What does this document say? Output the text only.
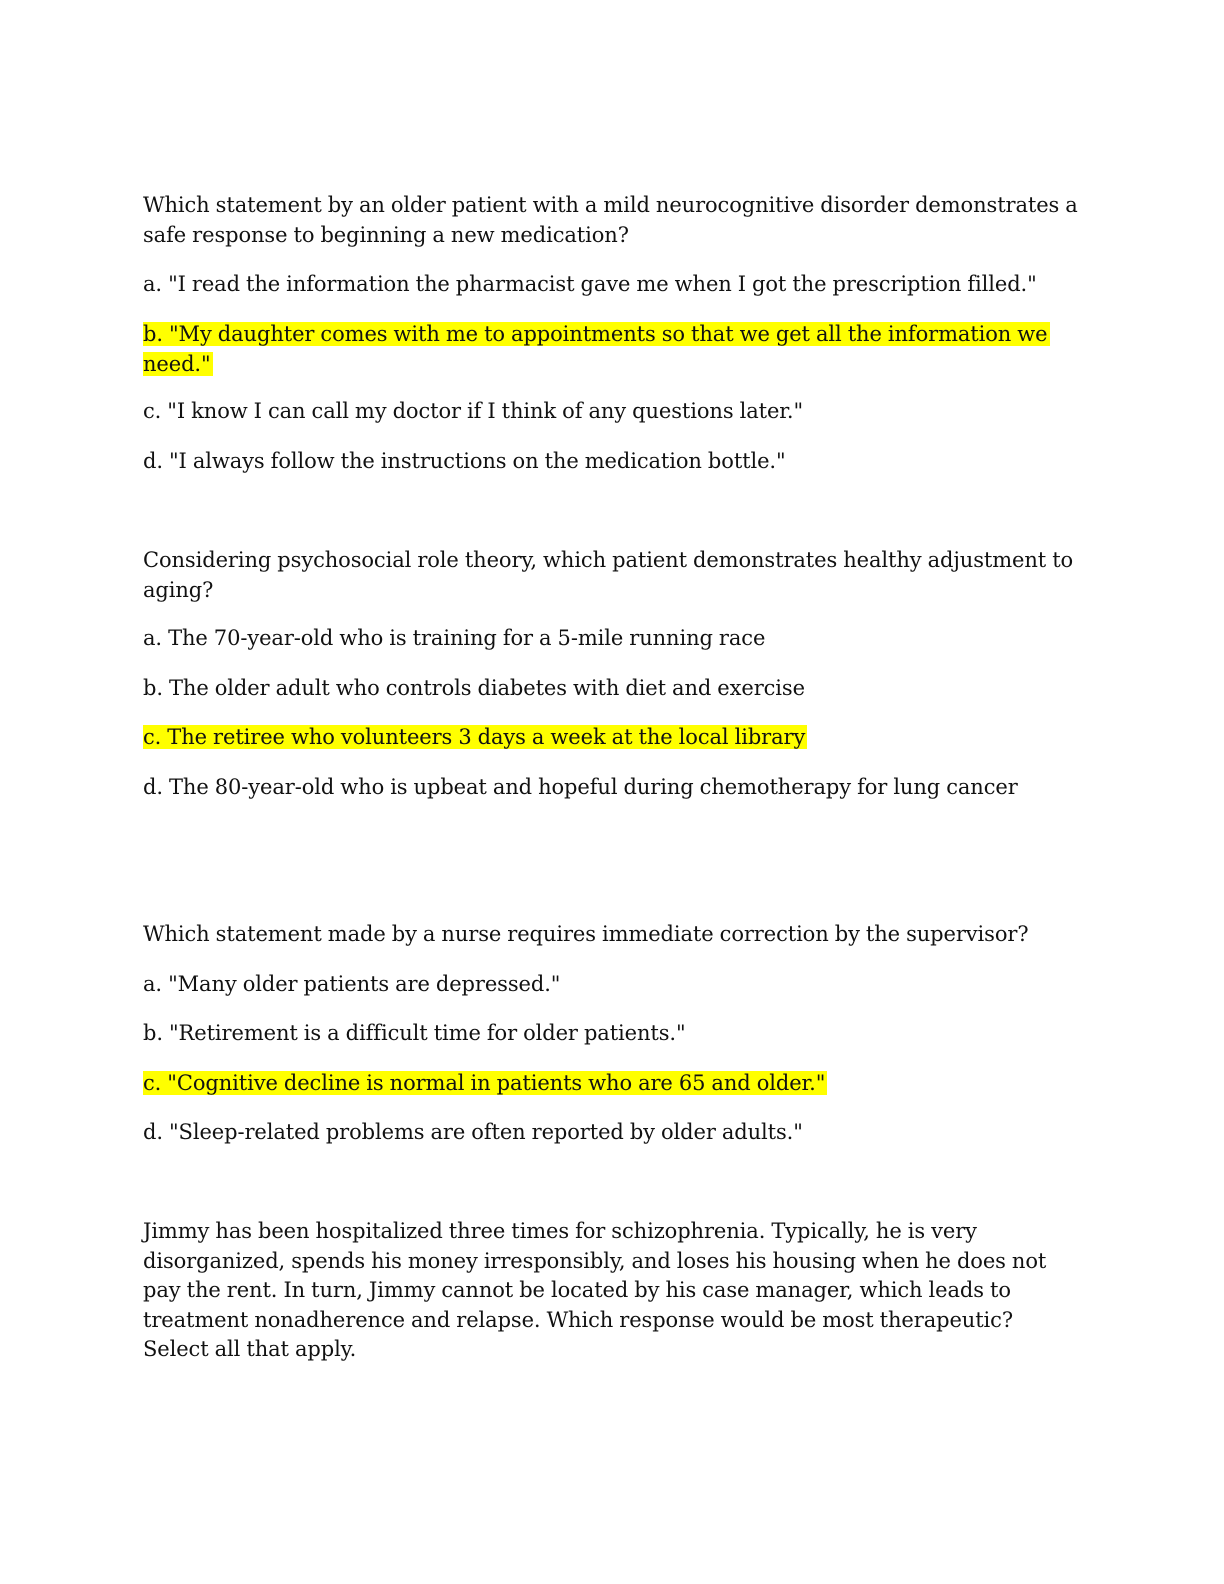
Which statement by an older patient with a mild neurocognitive disorder demonstrates a safe response to beginning a new medication?

a. "I read the information the pharmacist gave me when I got the prescription filled."

b. "My daughter comes with me to appointments so that we get all the information we need."

c. "I know I can call my doctor if I think of any questions later."

d. "I always follow the instructions on the medication bottle."

Considering psychosocial role theory, which patient demonstrates healthy adjustment to aging?

a. The 70-year-old who is training for a 5-mile running race

b. The older adult who controls diabetes with diet and exercise

c. The retiree who volunteers 3 days a week at the local library

d. The 80-year-old who is upbeat and hopeful during chemotherapy for lung cancer

Which statement made by a nurse requires immediate correction by the supervisor?

a. "Many older patients are depressed."

b. "Retirement is a difficult time for older patients."

c. "Cognitive decline is normal in patients who are 65 and older."

d. "Sleep-related problems are often reported by older adults."

Jimmy has been hospitalized three times for schizophrenia. Typically, he is very disorganized, spends his money irresponsibly, and loses his housing when he does not pay the rent. In turn, Jimmy cannot be located by his case manager, which leads to treatment nonadherence and relapse. Which response would be most therapeutic? Select all that apply.
